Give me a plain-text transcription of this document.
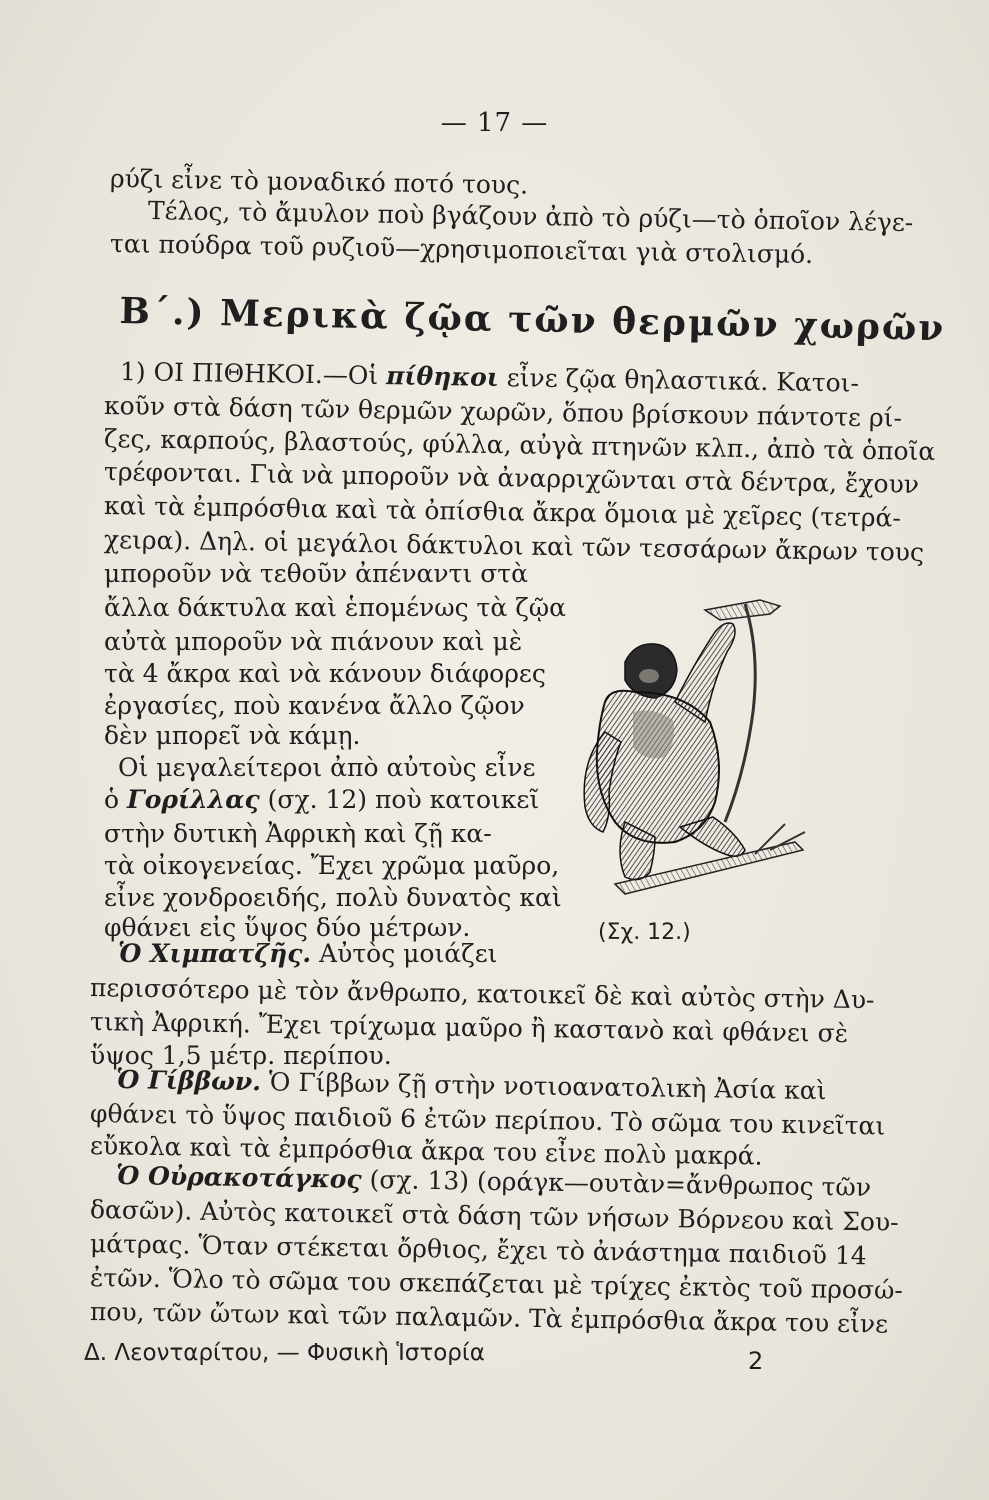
— 17 —
ρύζι εἶνε τὸ μοναδικό ποτό τους.
Τέλος, τὸ ἄμυλον ποὺ βγάζουν ἀπὸ τὸ ρύζι—τὸ ὁποῖον λέγε-
ται πούδρα τοῦ ρυζιοῦ—χρησιμοποιεῖται γιὰ στολισμό.
Β΄.) Μερικὰ ζῷα τῶν θερμῶν χωρῶν
1) ΟΙ ΠΙΘΗΚΟΙ.—Οἱ πίθηκοι εἶνε ζῷα θηλαστικά. Κατοι-
κοῦν στὰ δάση τῶν θερμῶν χωρῶν, ὅπου βρίσκουν πάντοτε ρί-
ζες, καρπούς, βλαστούς, φύλλα, αὐγὰ πτηνῶν κλπ., ἀπὸ τὰ ὁποῖα
τρέφονται. Γιὰ νὰ μποροῦν νὰ ἀναρριχῶνται στὰ δέντρα, ἔχουν
καὶ τὰ ἐμπρόσθια καὶ τὰ ὀπίσθια ἄκρα ὅμοια μὲ χεῖρες (τετρά-
χειρα). Δηλ. οἱ μεγάλοι δάκτυλοι καὶ τῶν τεσσάρων ἄκρων τους
μποροῦν νὰ τεθοῦν ἀπέναντι στὰ
ἄλλα δάκτυλα καὶ ἑπομένως τὰ ζῷα
αὐτὰ μποροῦν νὰ πιάνουν καὶ μὲ
τὰ 4 ἄκρα καὶ νὰ κάνουν διάφορες
ἐργασίες, ποὺ κανένα ἄλλο ζῷον
δὲν μπορεῖ νὰ κάμῃ.
Οἱ μεγαλείτεροι ἀπὸ αὐτοὺς εἶνε
ὁ Γορίλλας (σχ. 12) ποὺ κατοικεῖ
στὴν δυτικὴ Ἀφρικὴ καὶ ζῇ κα-
τὰ οἰκογενείας. Ἔχει χρῶμα μαῦρο,
εἶνε χονδροειδής, πολὺ δυνατὸς καὶ
φθάνει εἰς ὕψος δύο μέτρων.
Ὁ Χιμπατζῆς. Αὐτὸς μοιάζει
περισσότερο μὲ τὸν ἄνθρωπο, κατοικεῖ δὲ καὶ αὐτὸς στὴν Δυ-
τικὴ Ἀφρική. Ἔχει τρίχωμα μαῦρο ἢ καστανὸ καὶ φθάνει σὲ
ὕψος 1,5 μέτρ. περίπου.
(Σχ. 12.)
Ὁ Γίββων. Ὁ Γίββων ζῇ στὴν νοτιοανατολικὴ Ἀσία καὶ
φθάνει τὸ ὕψος παιδιοῦ 6 ἐτῶν περίπου. Τὸ σῶμα του κινεῖται
εὔκολα καὶ τὰ ἐμπρόσθια ἄκρα του εἶνε πολὺ μακρά.
Ὁ Οὐρακοτάγκος (σχ. 13) (οράγκ—ουτὰν=ἄνθρωπος τῶν
δασῶν). Αὐτὸς κατοικεῖ στὰ δάση τῶν νήσων Βόρνεου καὶ Σου-
μάτρας. Ὅταν στέκεται ὄρθιος, ἔχει τὸ ἀνάστημα παιδιοῦ 14
ἐτῶν. Ὅλο τὸ σῶμα του σκεπάζεται μὲ τρίχες ἐκτὸς τοῦ προσώ-
που, τῶν ὤτων καὶ τῶν παλαμῶν. Τὰ ἐμπρόσθια ἄκρα του εἶνε
Δ. Λεονταρίτου, — Φυσικὴ Ἱστορία	2
